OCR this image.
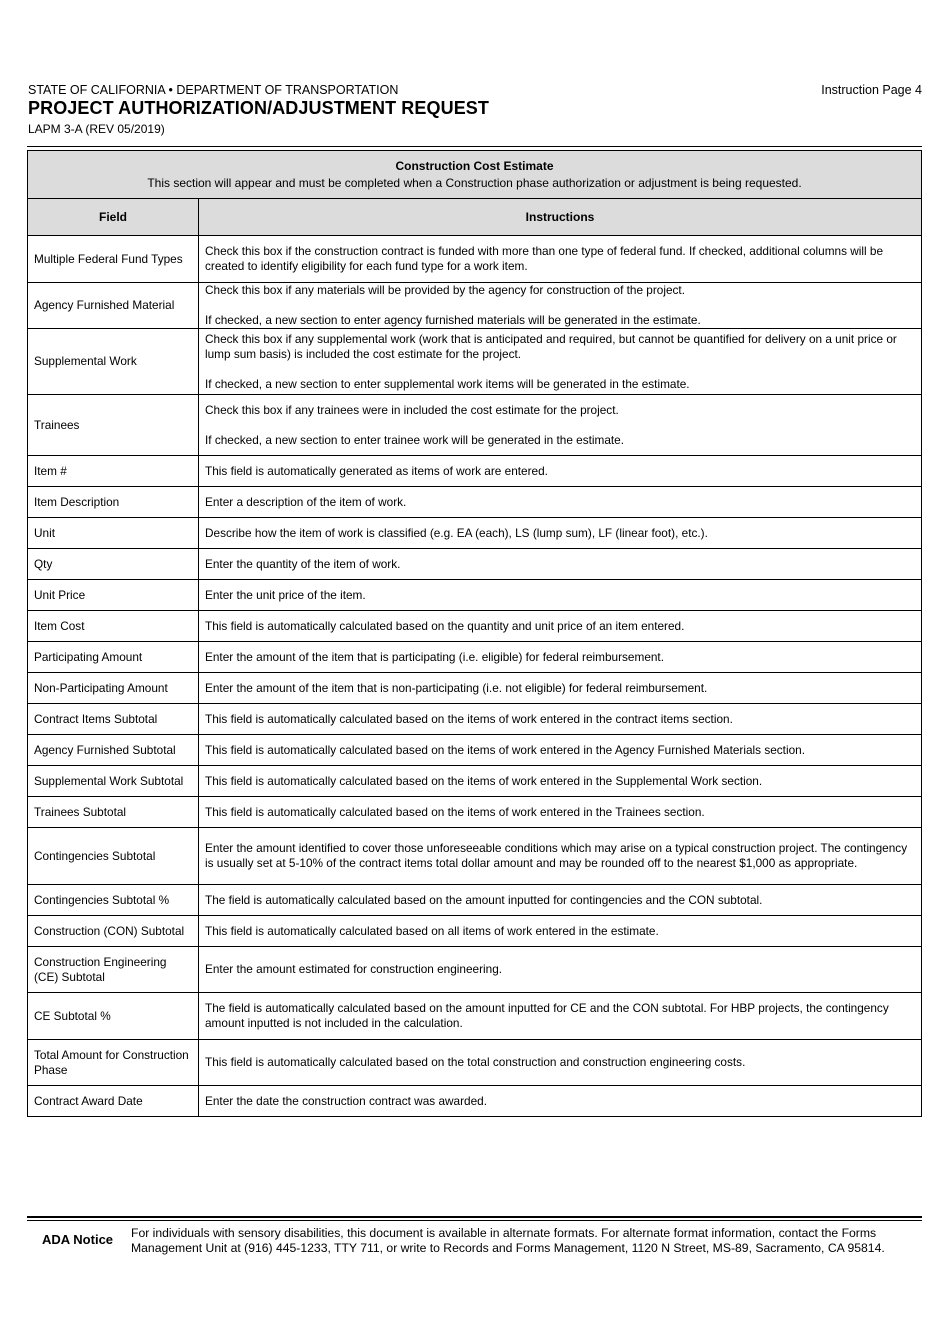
STATE OF CALIFORNIA • DEPARTMENT OF TRANSPORTATION
PROJECT AUTHORIZATION/ADJUSTMENT REQUEST
LAPM 3-A (REV 05/2019)
Instruction Page 4
Construction Cost Estimate
This section will appear and must be completed when a Construction phase authorization or adjustment is being requested.	

Field	Instructions
Multiple Federal Fund Types	Check this box if the construction contract is funded with more than one type of federal fund. If checked, additional columns will be created to identify eligibility for each fund type for a work item.

Agency Furnished Material	Check this box if any materials will be provided by the agency for construction of the project.

If checked, a new section to enter agency furnished materials will be generated in the estimate.

Supplemental Work	Check this box if any supplemental work (work that is anticipated and required, but cannot be quantified for delivery on a unit price or lump sum basis) is included the cost estimate for the project.

If checked, a new section to enter supplemental work items will be generated in the estimate.

Trainees	Check this box if any trainees were in included the cost estimate for the project.

If checked, a new section to enter trainee work will be generated in the estimate.

Item #	This field is automatically generated as items of work are entered.

Item Description	Enter a description of the item of work.

Unit	Describe how the item of work is classified (e.g. EA (each), LS (lump sum), LF (linear foot), etc.).

Qty	Enter the quantity of the item of work.

Unit Price	Enter the unit price of the item.

Item Cost	This field is automatically calculated based on the quantity and unit price of an item entered.

Participating Amount	Enter the amount of the item that is participating (i.e. eligible) for federal reimbursement.

Non-Participating Amount	Enter the amount of the item that is non-participating (i.e. not eligible) for federal reimbursement.

Contract Items Subtotal	This field is automatically calculated based on the items of work entered in the contract items section.

Agency Furnished Subtotal	This field is automatically calculated based on the items of work entered in the Agency Furnished Materials section.

Supplemental Work Subtotal	This field is automatically calculated based on the items of work entered in the Supplemental Work section.

Trainees Subtotal	This field is automatically calculated based on the items of work entered in the Trainees section.

Contingencies Subtotal	Enter the amount identified to cover those unforeseeable conditions which may arise on a typical construction project. The contingency is usually set at 5-10% of the contract items total dollar amount and may be rounded off to the nearest $1,000 as appropriate.

Contingencies Subtotal %	The field is automatically calculated based on the amount inputted for contingencies and the CON subtotal.

Construction (CON) Subtotal	This field is automatically calculated based on all items of work entered in the estimate.

Construction Engineering (CE) Subtotal	Enter the amount estimated for construction engineering.

CE Subtotal %	The field is automatically calculated based on the amount inputted for CE and the CON subtotal. For HBP projects, the contingency amount inputted is not included in the calculation.

Total Amount for Construction Phase	This field is automatically calculated based on the total construction and construction engineering costs.

Contract Award Date	Enter the date the construction contract was awarded.

ADA Notice For individuals with sensory disabilities, this document is available in alternate formats. For alternate format information, contact the Forms Management Unit at (916) 445-1233, TTY 711, or write to Records and Forms Management, 1120 N Street, MS-89, Sacramento, CA 95814.
